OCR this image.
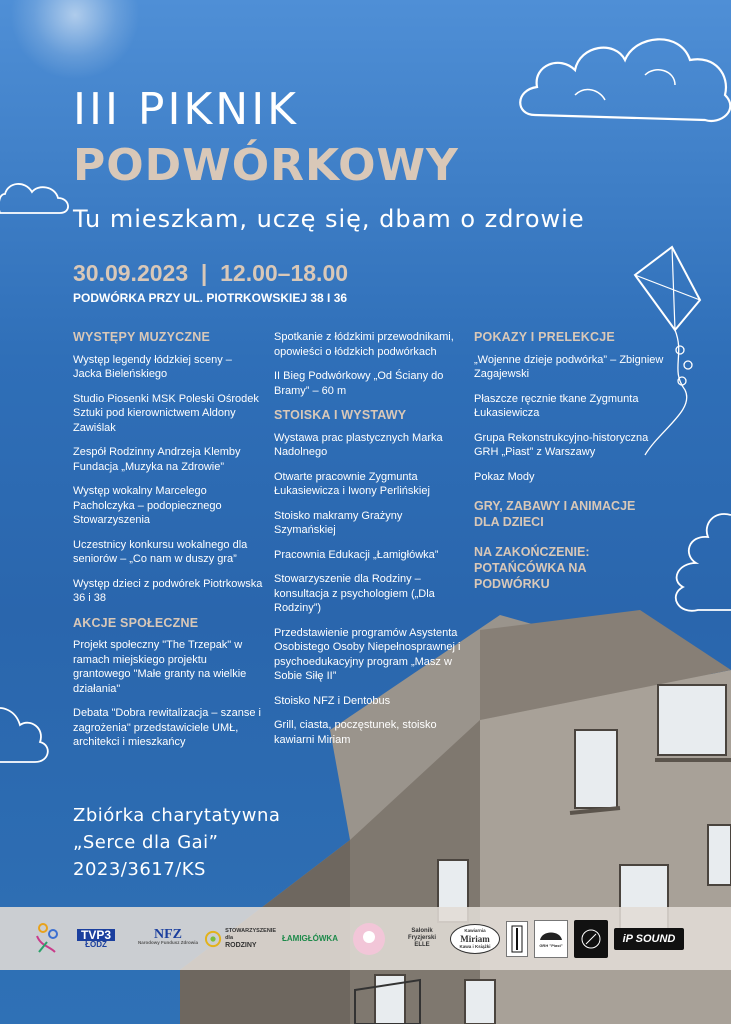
III PIKNIK
PODWÓRKOWY
Tu mieszkam, uczę się, dbam o zdrowie
30.09.2023  |  12.00–18.00
PODWÓRKA PRZY UL. PIOTRKOWSKIEJ 38 I 36
WYSTĘPY MUZYCZNE
Występ legendy łódzkiej sceny – Jacka Bieleńskiego
Studio Piosenki MSK Poleski Ośrodek Sztuki pod kierownictwem Aldony Zawiślak
Zespół Rodzinny Andrzeja Klemby Fundacja „Muzyka na Zdrowie”
Występ wokalny Marcelego Pacholczyka – podopiecznego Stowarzyszenia
Uczestnicy konkursu wokalnego dla seniorów – „Co nam w duszy gra”
Występ dzieci z podwórek Piotrkowska 36 i 38
AKCJE SPOŁECZNE
Projekt społeczny "The Trzepak" w ramach miejskiego projektu grantowego "Małe granty na wielkie działania"
Debata "Dobra rewitalizacja – szanse i zagrożenia" przedstawiciele UMŁ, architekci i mieszkańcy
Spotkanie z łódzkimi przewodnikami, opowieści o łódzkich podwórkach
II Bieg Podwórkowy „Od Ściany do Bramy” – 60 m
STOISKA I WYSTAWY
Wystawa prac plastycznych Marka Nadolnego
Otwarte pracownie Zygmunta Łukasiewicza i Iwony Perlińskiej
Stoisko makramy Grażyny Szymańskiej
Pracownia Edukacji „Łamigłówka”
Stowarzyszenie dla Rodziny – konsultacja z psychologiem („Dla Rodziny”)
Przedstawienie programów Asystenta Osobistego Osoby Niepełnosprawnej i psychoedukacyjny program „Masz w Sobie Siłę II”
Stoisko NFZ i Dentobus
Grill, ciasta, poczęstunek, stoisko kawiarni Miriam
POKAZY I PRELEKCJE
„Wojenne dzieje podwórka” – Zbigniew Zagajewski
Płaszcze ręcznie tkane Zygmunta Łukasiewicza
Grupa Rekonstrukcyjno-historyczna GRH „Piast” z Warszawy
Pokaz Mody
GRY, ZABAWY I ANIMACJE DLA DZIECI
NA ZAKOŃCZENIE: POTAŃCÓWKA NA PODWÓRKU
Zbiórka charytatywna
„Serce dla Gai”
2023/3617/KS
TVP3
ŁÓDŹ
NFZ
Narodowy Fundusz Zdrowia
STOWARZYSZENIE
dla
RODZINY
ŁAMIGŁÓWKA
Salonik
Fryzjerski
ELLE
Kawiarnia
Miriam
Kawa i Książki	GRH "Piast"
iP SOUND
